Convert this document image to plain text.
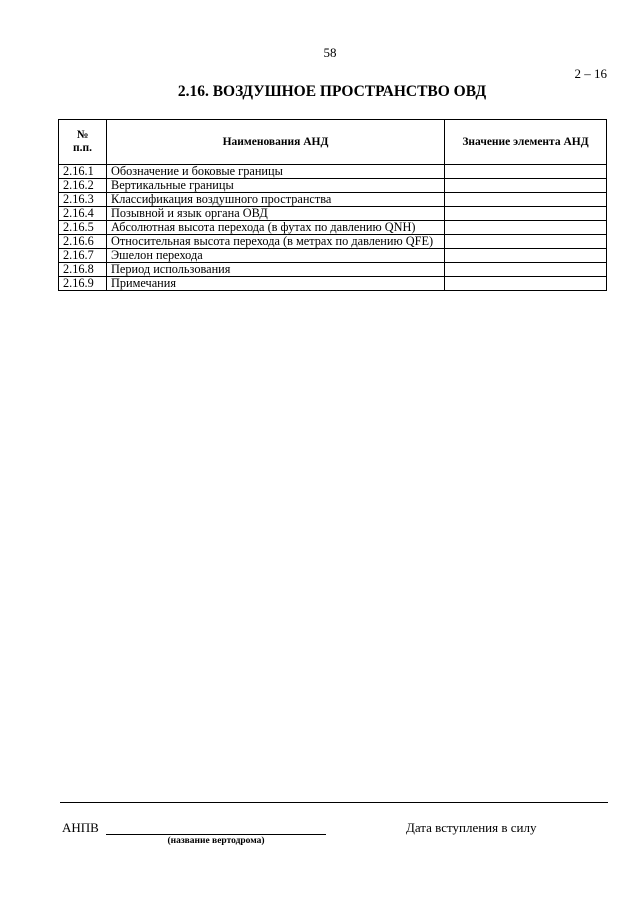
58
2 – 16
2.16. ВОЗДУШНОЕ ПРОСТРАНСТВО ОВД
№
п.п.	Наименования АНД	Значение элемента АНД
2.16.1	Обозначение и боковые границы	
2.16.2	Вертикальные границы	
2.16.3	Классификация воздушного пространства	
2.16.4	Позывной и язык органа ОВД	
2.16.5	Абсолютная высота перехода (в футах по давлению QNH)	
2.16.6	Относительная высота перехода (в метрах по давлению QFE)	
2.16.7	Эшелон перехода	
2.16.8	Период использования	
2.16.9	Примечания	
АНПВ
(название вертодрома)
Дата вступления в силу
